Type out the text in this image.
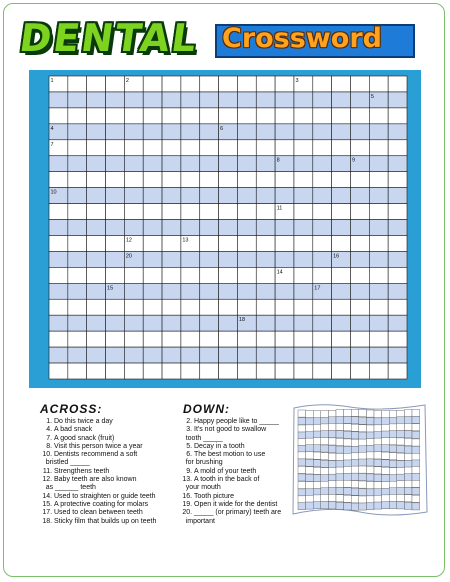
DENTAL Crossword
1	2	3
4
5
6
7
8	9
10
11
12	13
14
15
16
17
18
20
ACROSS:
1. Do this twice a day
4. A bad snack
7. A good snack (fruit)
8. Visit this person twice a year
10. Dentists recommend a soft
bristled _____
11. Strengthens teeth
12. Baby teeth are also known
as ______ teeth
14. Used to straighten or guide teeth
15. A protective coating for molars
17. Used to clean between teeth
18. Sticky film that builds up on teeth
DOWN:
2. Happy people like to _____
3. It's not good to swallow
tooth _____
5. Decay in a tooth
6. The best motion to use
for brushing
9. A mold of your teeth
13. A tooth in the back of
your mouth
16. Tooth picture
19. Open it wide for the dentist
20. _____ (or primary) teeth are
important
